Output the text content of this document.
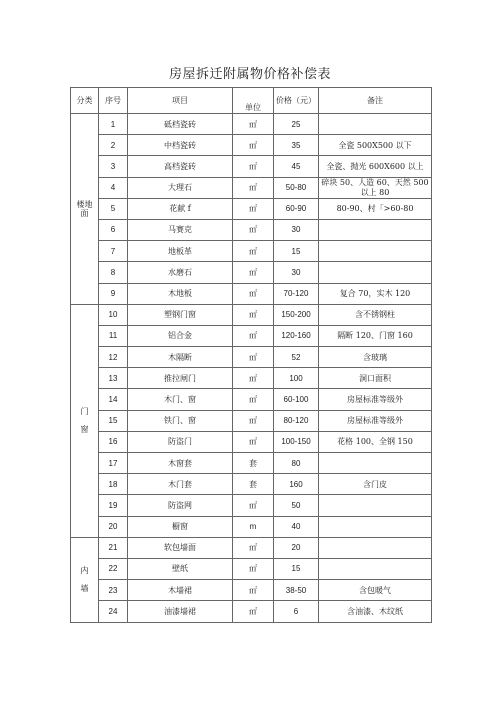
房屋拆迁附属物价格补偿表
分类	序号	项目	单位	价格（元）	备注
楼地
面	1	砥档瓷砖	㎡	25	
	2	中档瓷砖	㎡	35	全瓷 500X500 以下
	3	高档瓷砖	㎡	45	全瓷、抛光 600X600 以上
	4	大理石	㎡	50-80	碎块 50、人造 60、天然 500 以上 80
	5	花献 f	㎡	60-90	80-90、村「>60-80
	6	马赛克	㎡	30	
	7	地板革	㎡	15	
	8	水磨石	㎡	30	
	9	木地板	㎡	70-120	复合 70，实木 120
门
窗	10	塑钢门窗	㎡	150-200	含不锈钢柱
	11	铝合金	㎡	120-160	隔断 120、门窗 160
	12	木隔断	㎡	52	含玻璃
	13	推拉闸门	㎡	100	洞口面积
	14	木门、窗	㎡	60-100	房屋标准等级外
	15	铁门、窗	㎡	80-120	房屋标准等级外
	16	防盗门	㎡	100-150	花格 100、全钢 150
	17	木窗套	套	80	
	18	木门套	套	160	含门皮
	19	防盗网	㎡	50	
	20	橱窗	m	40	
内
墙	21	软包墙面	㎡	20	
	22	壁纸	㎡	15	
	23	木墙裙	㎡	38-50	含包暖气
	24	油漆墙裙	㎡	6	含油漆、木纹纸
